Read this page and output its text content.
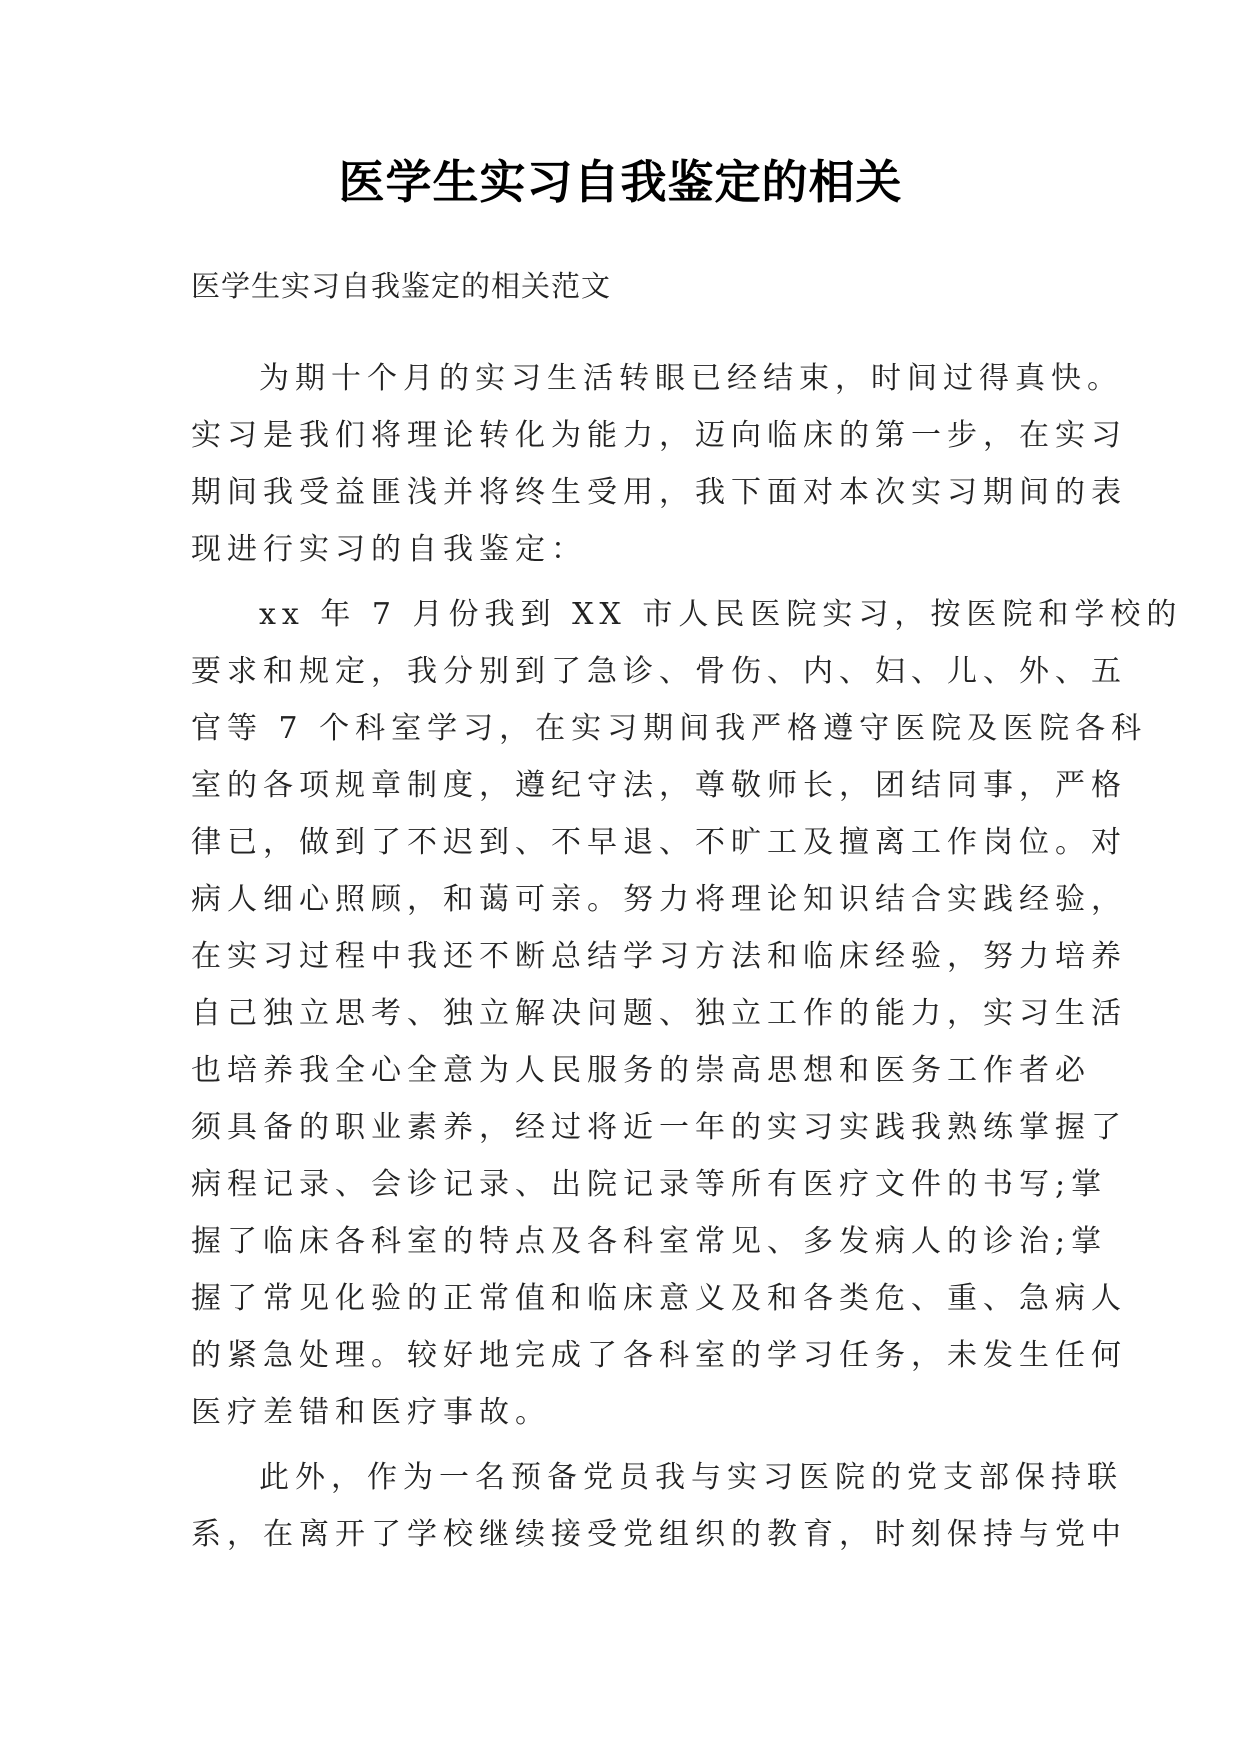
医学生实习自我鉴定的相关
医学生实习自我鉴定的相关范文
为期十个月的实习生活转眼已经结束，时间过得真快。
实习是我们将理论转化为能力，迈向临床的第一步，在实习
期间我受益匪浅并将终生受用，我下面对本次实习期间的表
现进行实习的自我鉴定：
xx 年 7 月份我到 XX 市人民医院实习，按医院和学校的
要求和规定，我分别到了急诊、骨伤、内、妇、儿、外、五
官等 7 个科室学习，在实习期间我严格遵守医院及医院各科
室的各项规章制度，遵纪守法，尊敬师长，团结同事，严格
律已，做到了不迟到、不早退、不旷工及擅离工作岗位。对
病人细心照顾，和蔼可亲。努力将理论知识结合实践经验，
在实习过程中我还不断总结学习方法和临床经验，努力培养
自己独立思考、独立解决问题、独立工作的能力，实习生活
也培养我全心全意为人民服务的崇高思想和医务工作者必
须具备的职业素养，经过将近一年的实习实践我熟练掌握了
病程记录、会诊记录、出院记录等所有医疗文件的书写;掌
握了临床各科室的特点及各科室常见、多发病人的诊治;掌
握了常见化验的正常值和临床意义及和各类危、重、急病人
的紧急处理。较好地完成了各科室的学习任务，未发生任何
医疗差错和医疗事故。
此外，作为一名预备党员我与实习医院的党支部保持联
系，在离开了学校继续接受党组织的教育，时刻保持与党中
